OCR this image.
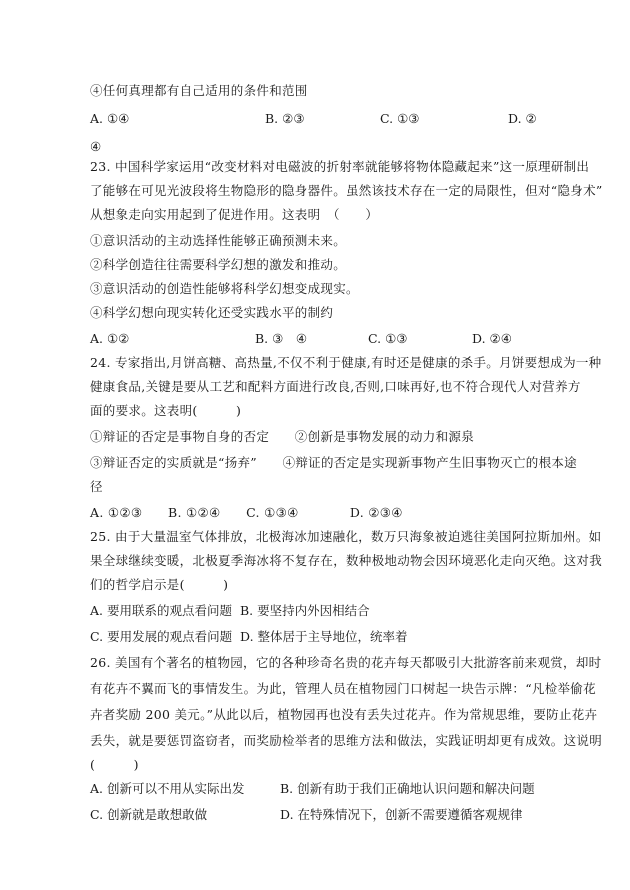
④任何真理都有自己适用的条件和范围
A. ①④	B. ②③	C. ①③	D. ②
④
23. 中国科学家运用“改变材料对电磁波的折射率就能够将物体隐藏起来”这一原理研制出
了能够在可见光波段将生物隐形的隐身器件。虽然该技术存在一定的局限性，但对“隐身术”
从想象走向实用起到了促进作用。这表明　（　　）
①意识活动的主动选择性能够正确预测未来。
②科学创造往往需要科学幻想的激发和推动。
③意识活动的创造性能够将科学幻想变成现实。
④科学幻想向现实转化还受实践水平的制约
A. ①②	B. ③　④	C. ①③	D. ②④
24. 专家指出,月饼高糖、高热量,不仅不利于健康,有时还是健康的杀手。月饼要想成为一种
健康食品,关键是要从工艺和配料方面进行改良,否则,口味再好,也不符合现代人对营养方
面的要求。这表明(　　　)
①辩证的否定是事物自身的否定　　②创新是事物发展的动力和源泉
③辩证否定的实质就是“扬弃”　　④辩证的否定是实现新事物产生旧事物灭亡的根本途
径
A. ①②③　　B. ①②④　　C. ①③④　　　　D. ②③④
25. 由于大量温室气体排放，北极海冰加速融化，数万只海象被迫逃往美国阿拉斯加州。如
果全球继续变暖，北极夏季海冰将不复存在，数种极地动物会因环境恶化走向灭绝。这对我
们的哲学启示是(　　　)
A. 要用联系的观点看问题 B. 要坚持内外因相结合
C. 要用发展的观点看问题 D. 整体居于主导地位，统率着
26. 美国有个著名的植物园，它的各种珍奇名贵的花卉每天都吸引大批游客前来观赏，却时
有花卉不翼而飞的事情发生。为此，管理人员在植物园门口树起一块告示牌：“凡检举偷花
卉者奖励 200 美元。”从此以后，植物园再也没有丢失过花卉。作为常规思维，要防止花卉
丢失，就是要惩罚盗窃者，而奖励检举者的思维方法和做法，实践证明却更有成效。这说明
(　　　)
A. 创新可以不用从实际出发	B. 创新有助于我们正确地认识问题和解决问题
C. 创新就是敢想敢做	D. 在特殊情况下，创新不需要遵循客观规律
